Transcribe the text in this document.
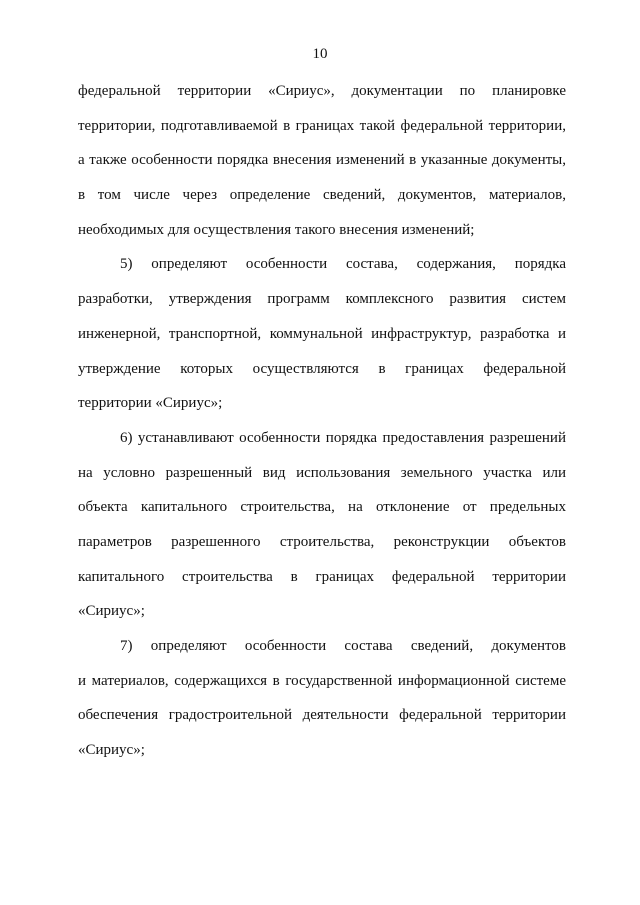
10
федеральной территории «Сириус», документации по планировке
территории, подготавливаемой в границах такой федеральной территории,
а также особенности порядка внесения изменений в указанные документы,
в том числе через определение сведений, документов, материалов,
необходимых для осуществления такого внесения изменений;
5) определяют особенности состава, содержания, порядка
разработки, утверждения программ комплексного развития систем
инженерной, транспортной, коммунальной инфраструктур, разработка и
утверждение которых осуществляются в границах федеральной
территории «Сириус»;
6) устанавливают особенности порядка предоставления разрешений
на условно разрешенный вид использования земельного участка или
объекта капитального строительства, на отклонение от предельных
параметров разрешенного строительства, реконструкции объектов
капитального строительства в границах федеральной территории
«Сириус»;
7) определяют особенности состава сведений, документов
и материалов, содержащихся в государственной информационной системе
обеспечения градостроительной деятельности федеральной территории
«Сириус»;
